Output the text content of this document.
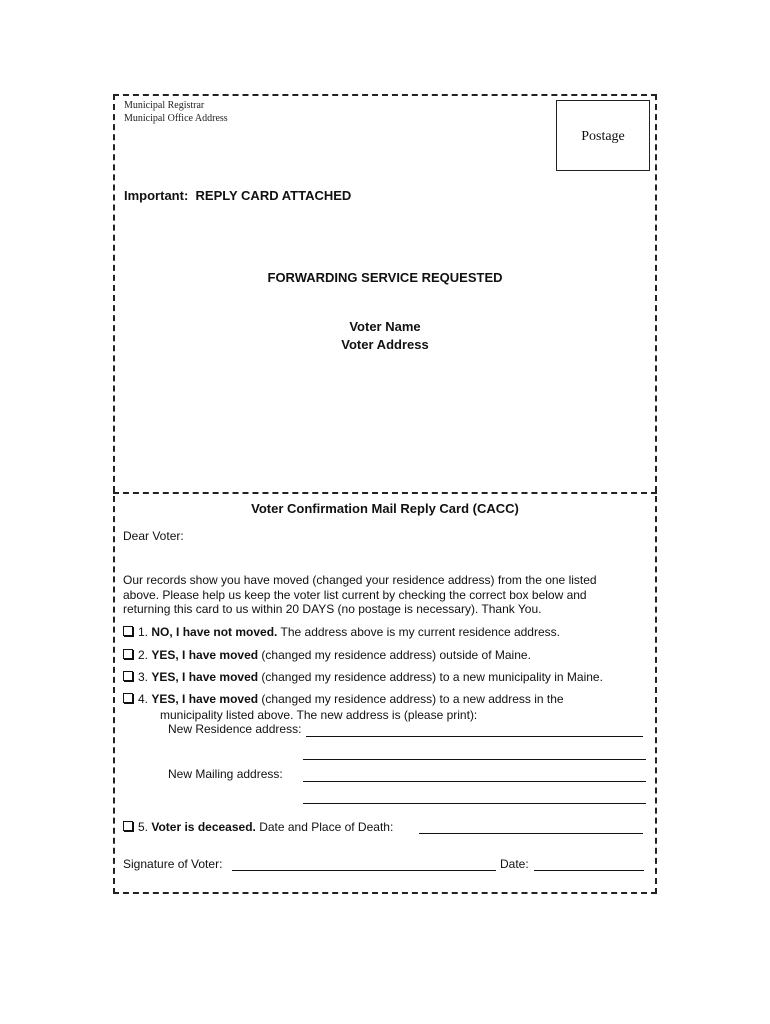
Municipal Registrar
Municipal Office Address
Postage
Important: REPLY CARD ATTACHED
FORWARDING SERVICE REQUESTED
Voter Name
Voter Address
Voter Confirmation Mail Reply Card (CACC)
Dear Voter:
Our records show you have moved (changed your residence address) from the one listed
above. Please help us keep the voter list current by checking the correct box below and
returning this card to us within 20 DAYS (no postage is necessary). Thank You.
1. NO, I have not moved. The address above is my current residence address.
2. YES, I have moved (changed my residence address) outside of Maine.
3. YES, I have moved (changed my residence address) to a new municipality in Maine.
4. YES, I have moved (changed my residence address) to a new address in the
municipality listed above. The new address is (please print):
New Residence address:
New Mailing address:
5. Voter is deceased. Date and Place of Death:
Signature of Voter:	Date:
